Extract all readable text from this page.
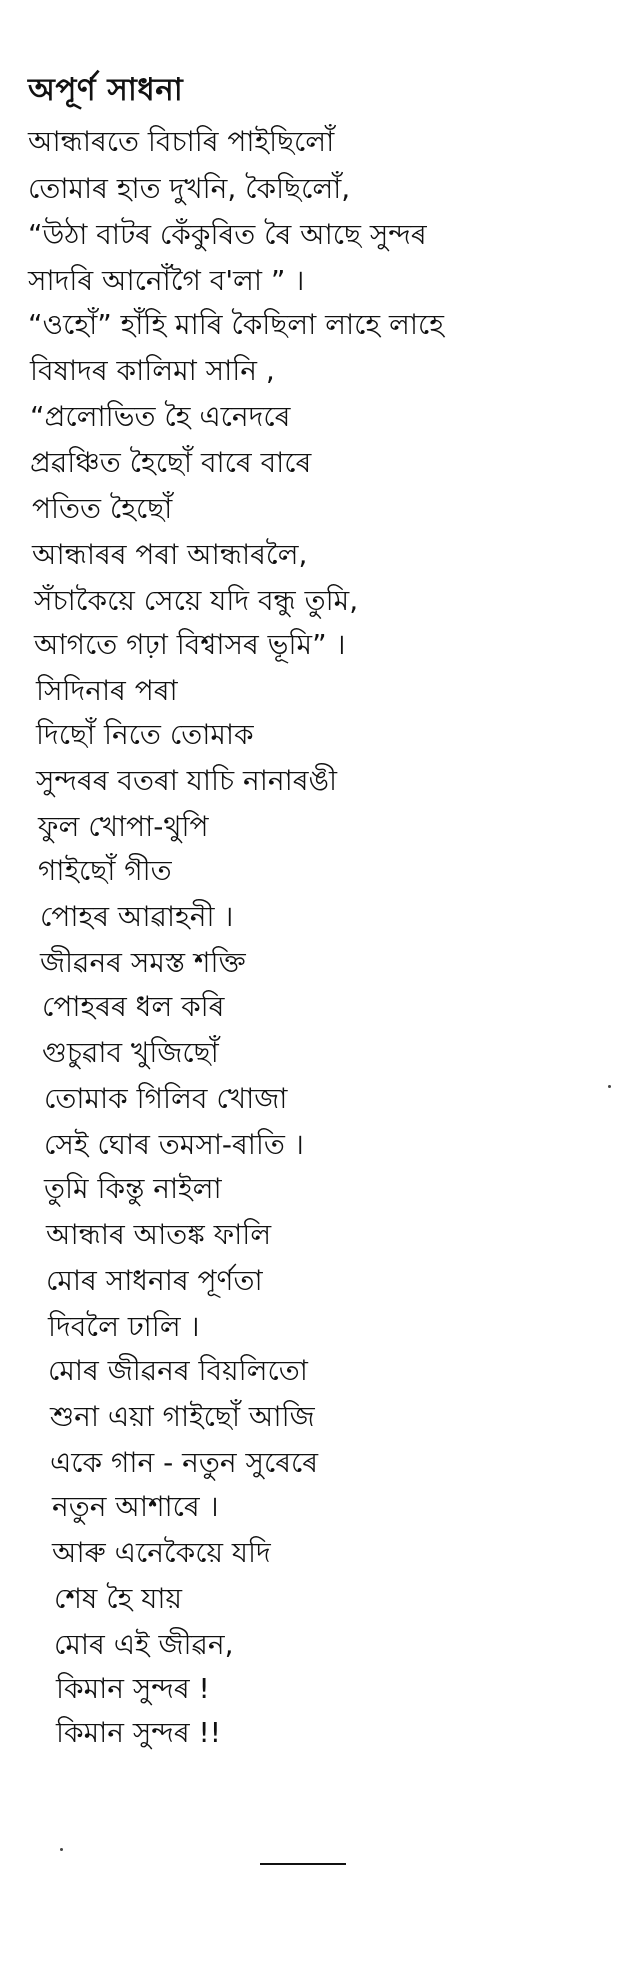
অপূৰ্ণ সাধনা
আন্ধাৰতে বিচাৰি পাইছিলোঁ
তোমাৰ হাত দুখনি, কৈছিলোঁ,
“উঠা বাটৰ কেঁকুৰিত ৰৈ আছে সুন্দৰ
সাদৰি আনোঁগৈ ব'লা ” ।
“ওহোঁ” হাঁহি মাৰি কৈছিলা লাহে লাহে
বিষাদৰ কালিমা সানি ,
“প্ৰলোভিত হৈ এনেদৰে
প্ৰৱঞ্চিত হৈছোঁ বাৰে বাৰে
পতিত হৈছোঁ
আন্ধাৰৰ পৰা আন্ধাৰলৈ,
সঁচাকৈয়ে সেয়ে যদি বন্ধু তুমি,
আগতে গঢ়া বিশ্বাসৰ ভূমি” ।
সিদিনাৰ পৰা
দিছোঁ নিতে তোমাক
সুন্দৰৰ বতৰা যাচি নানাৰঙী
ফুল খোপা-থুপি
গাইছোঁ গীত
পোহৰ আৱাহনী ।
জীৱনৰ সমস্ত শক্তি
পোহৰৰ ধল কৰি
গুচুৱাব খুজিছোঁ
তোমাক গিলিব খোজা
সেই ঘোৰ তমসা-ৰাতি ।
তুমি কিন্তু নাইলা
আন্ধাৰ আতঙ্ক ফালি
মোৰ সাধনাৰ পূৰ্ণতা
দিবলৈ ঢালি ।
মোৰ জীৱনৰ বিয়লিতো
শুনা এয়া গাইছোঁ আজি
একে গান - নতুন সুৰেৰে
নতুন আশাৰে ।
আৰু এনেকৈয়ে যদি
শেষ হৈ যায়
মোৰ এই জীৱন,
কিমান সুন্দৰ !
কিমান সুন্দৰ !!
